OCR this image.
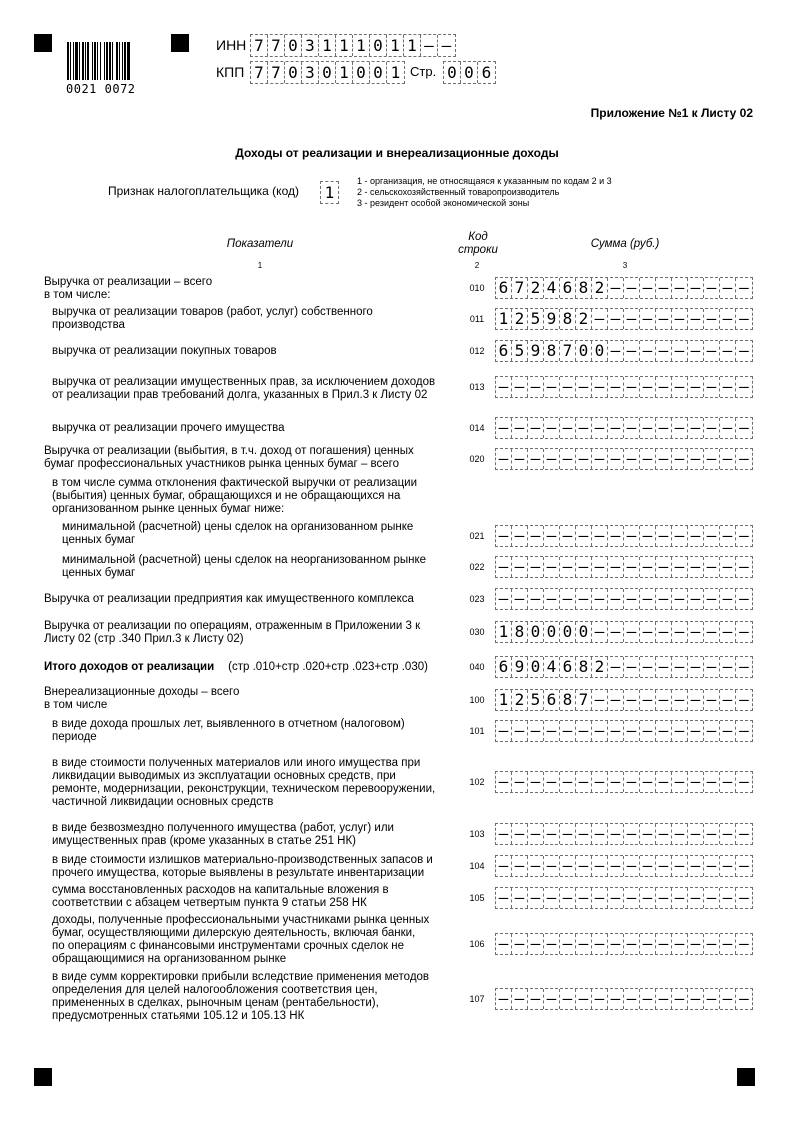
0021 0072
ИНН 7 7 0 3 1 1 1 0 1 1 – –
КПП 7 7 0 3 0 1 0 0 1 Стр. 0 0 6
Приложение №1 к Листу 02
Доходы от реализации и внереализационные доходы
Признак налогоплательщика (код) 1
1 - организация, не относящаяся к указанным по кодам 2 и 3
2 - сельскохозяйственный товаропроизводитель
3 - резидент особой экономической зоны
Показатели
Код
строки	Сумма (руб.)
1	2	3
Выручка от реализации – всего
в том числе:
010 6 7 2 4 6 8 2 – – – – – – – – –
выручка от реализации товаров (работ, услуг) собственного
производства	011 1 2 5 9 8 2 – – – – – – – – – –
выручка от реализации покупных товаров	012 6 5 9 8 7 0 0 – – – – – – – – –
выручка от реализации имущественных прав, за исключением доходов
от реализации прав требований долга, указанных в Прил.3 к Листу 02
013 – – – – – – – – – – – – – – – –
выручка от реализации прочего имущества	014 – – – – – – – – – – – – – – – –
Выручка от реализации (выбытия, в т.ч. доход от погашения) ценных
бумаг профессиональных участников рынка ценных бумаг – всего	020 – – – – – – – – – – – – – – – –
в том числе сумма отклонения фактической выручки от реализации
(выбытия) ценных бумаг, обращающихся и не обращающихся на
организованном рынке ценных бумаг ниже:
минимальной (расчетной) цены сделок на организованном рынке
ценных бумаг	021 – – – – – – – – – – – – – – – –
минимальной (расчетной) цены сделок на неорганизованном рынке
ценных бумаг	022 – – – – – – – – – – – – – – – –
Выручка от реализации предприятия как имущественного комплекса	023 – – – – – – – – – – – – – – – –
Выручка от реализации по операциям, отраженным в Приложении 3 к
Листу 02 (стр .340 Прил.3 к Листу 02)
030 1 8 0 0 0 0 – – – – – – – – – –
Итого доходов от реализации (стр .010+стр .020+стр .023+стр .030)	040 6 9 0 4 6 8 2 – – – – – – – – –
Внереализационные доходы – всего
в том числе	100 1 2 5 6 8 7 – – – – – – – – – –
в виде дохода прошлых лет, выявленного в отчетном (налоговом)
периоде	101 – – – – – – – – – – – – – – – –
в виде стоимости полученных материалов или иного имущества при
ликвидации выводимых из эксплуатации основных средств, при
ремонте, модернизации, реконструкции, техническом перевооружении,
частичной ликвидации основных средств
102 – – – – – – – – – – – – – – – –
в виде безвозмездно полученного имущества (работ, услуг) или
имущественных прав (кроме указанных в статье 251 НК)
103 – – – – – – – – – – – – – – – –
в виде стоимости излишков материально-производственных запасов и
прочего имущества, которые выявлены в результате инвентаризации
104 – – – – – – – – – – – – – – – –
сумма восстановленных расходов на капитальные вложения в
соответствии с абзацем четвертым пункта 9 статьи 258 НК	105 – – – – – – – – – – – – – – – –
доходы, полученные профессиональными участниками рынка ценных
бумаг, осуществляющими дилерскую деятельность, включая банки,
по операциям с финансовыми инструментами срочных сделок не
обращающимися на организованном рынке
106 – – – – – – – – – – – – – – – –
в виде сумм корректировки прибыли вследствие применения методов
определения для целей налогообложения соответствия цен,
примененных в сделках, рыночным ценам (рентабельности),
предусмотренных статьями 105.12 и 105.13 НК
107 – – – – – – – – – – – – – – – –
